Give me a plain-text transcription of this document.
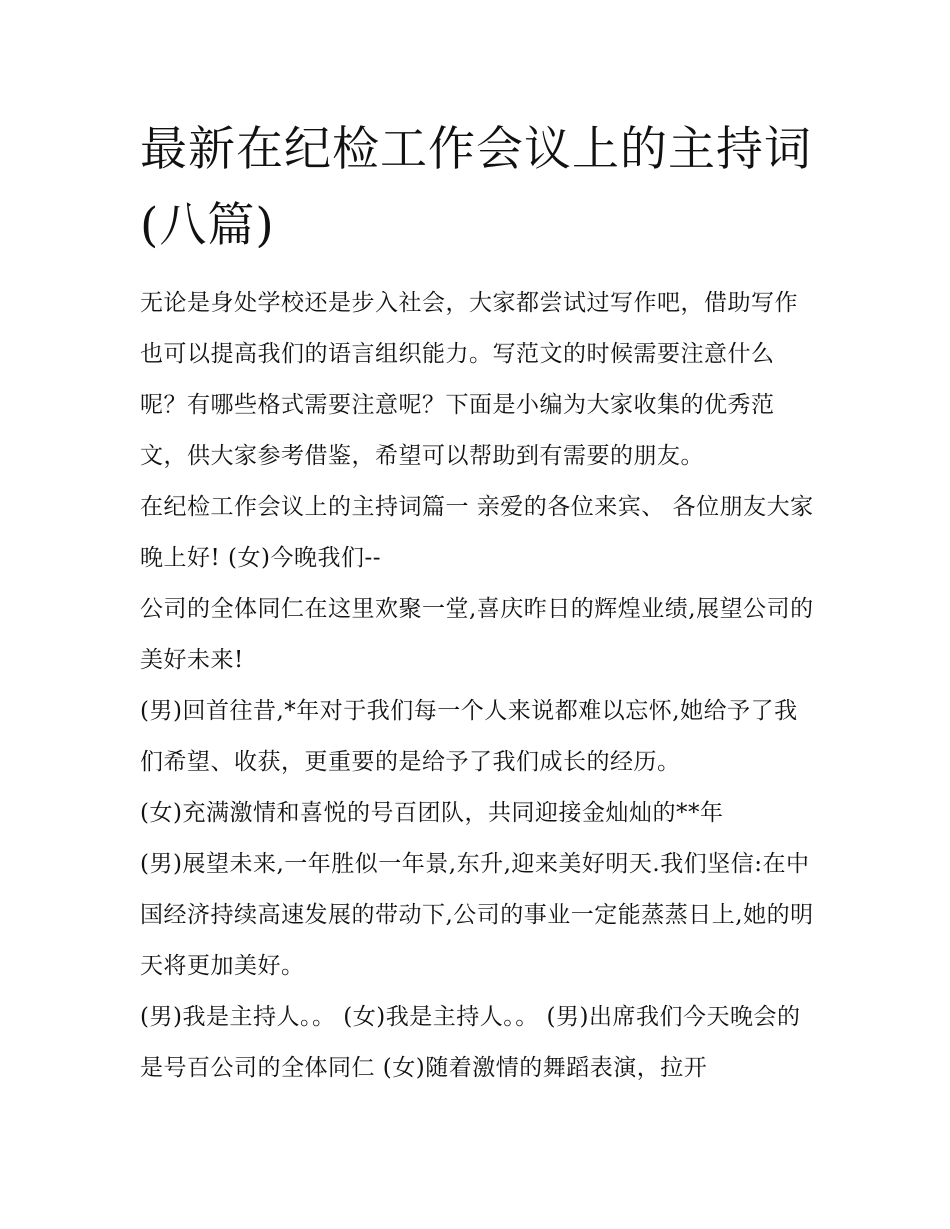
最新在纪检工作会议上的主持词(八篇)

无论是身处学校还是步入社会，大家都尝试过写作吧，借助写作也可以提高我们的语言组织能力。写范文的时候需要注意什么呢？有哪些格式需要注意呢？下面是小编为大家收集的优秀范文，供大家参考借鉴，希望可以帮助到有需要的朋友。

在纪检工作会议上的主持词篇一 亲爱的各位来宾、 各位朋友大家晚上好! (女)今晚我们--

公司的全体同仁在这里欢聚一堂,喜庆昨日的辉煌业绩,展望公司的美好未来!

(男)回首往昔,*年对于我们每一个人来说都难以忘怀,她给予了我们希望、收获，更重要的是给予了我们成长的经历。

(女)充满激情和喜悦的号百团队，共同迎接金灿灿的**年

(男)展望未来,一年胜似一年景,东升,迎来美好明天.我们坚信:在中国经济持续高速发展的带动下,公司的事业一定能蒸蒸日上,她的明天将更加美好。

(男)我是主持人。。 (女)我是主持人。。 (男)出席我们今天晚会的是号百公司的全体同仁 (女)随着激情的舞蹈表演，拉开
